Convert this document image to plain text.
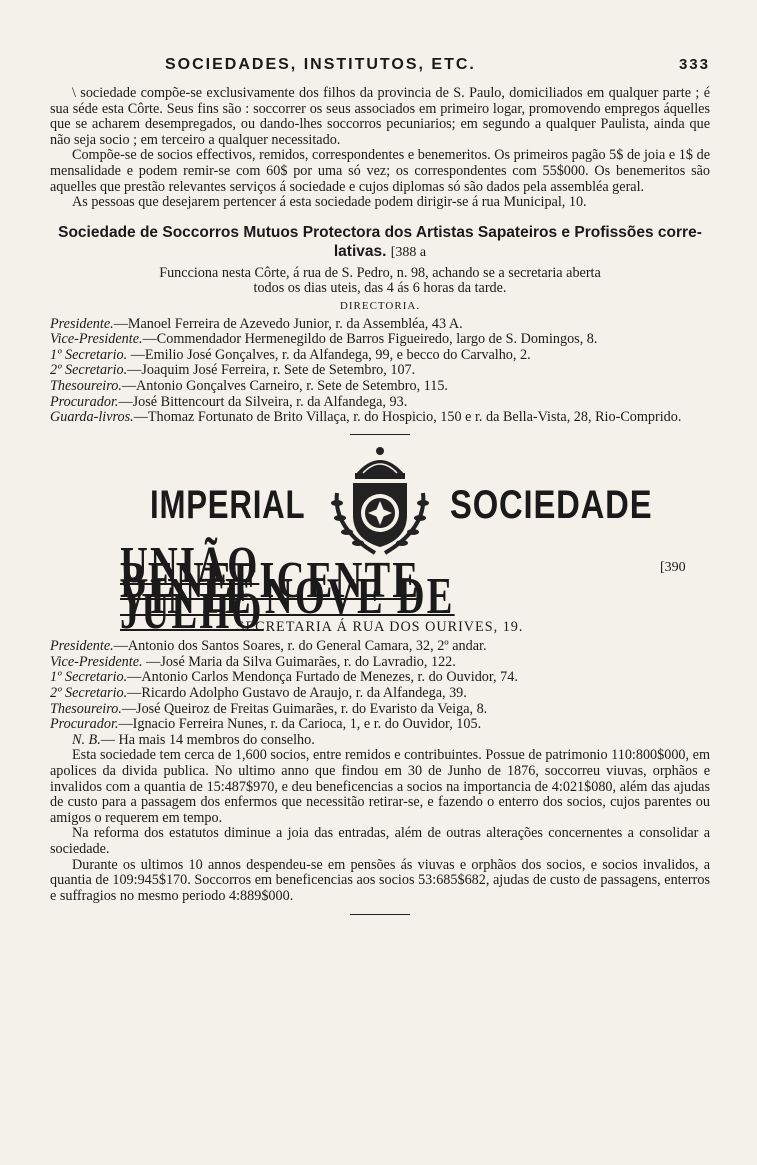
SOCIEDADES, INSTITUTOS, ETC.	333

\ sociedade compõe-se exclusivamente dos filhos da provincia de S. Paulo, domiciliados em qualquer parte ; é sua séde esta Côrte. Seus fins são : soccorrer os seus associados em primeiro logar, promovendo empregos áquelles que se acharem desempregados, ou dando-lhes soccorros pecuniarios; em segundo a qualquer Paulista, ainda que não seja socio ; em terceiro a qualquer necessitado.

Compõe-se de socios effectivos, remidos, correspondentes e benemeritos. Os primeiros pagão 5$ de joia e 1$ de mensalidade e podem remir-se com 60$ por uma só vez; os correspondentes com 55$000. Os benemeritos são aquelles que prestão relevantes serviços á sociedade e cujos diplomas só são dados pela assembléa geral.

As pessoas que desejarem pertencer á esta sociedade podem dirigir-se á rua Municipal, 10.

Sociedade de Soccorros Mutuos Protectora dos Artistas Sapateiros e Profissões corre-
lativas. [388 a
Funcciona nesta Côrte, á rua de S. Pedro, n. 98, achando se a secretaria aberta
todos os dias uteis, das 4 ás 6 horas da tarde.
DIRECTORIA.

Presidente.—Manoel Ferreira de Azevedo Junior, r. da Assembléa, 43 A.

Vice-Presidente.—Commendador Hermenegildo de Barros Figueiredo, largo de S. Domingos, 8.

1º Secretario. —Emilio José Gonçalves, r. da Alfandega, 99, e becco do Carvalho, 2.

2º Secretario.—Joaquim José Ferreira, r. Sete de Setembro, 107.

Thesoureiro.—Antonio Gonçalves Carneiro, r. Sete de Setembro, 115.

Procurador.—José Bittencourt da Silveira, r. da Alfandega, 93.

Guarda-livros.—Thomaz Fortunato de Brito Villaça, r. do Hospicio, 150 e r. da Bella-Vista, 28, Rio-Comprido.

IMPERIAL	SOCIEDADE
UNIÃO BENEFICENTE VINTE NOVE DE JULHO
[390
SECRETARIA Á RUA DOS OURIVES, 19.

Presidente.—Antonio dos Santos Soares, r. do General Camara, 32, 2º andar.

Vice-Presidente. —José Maria da Silva Guimarães, r. do Lavradio, 122.

1º Secretario.—Antonio Carlos Mendonça Furtado de Menezes, r. do Ouvidor, 74.

2º Secretario.—Ricardo Adolpho Gustavo de Araujo, r. da Alfandega, 39.

Thesoureiro.—José Queiroz de Freitas Guimarães, r. do Evaristo da Veiga, 8.

Procurador.—Ignacio Ferreira Nunes, r. da Carioca, 1, e r. do Ouvidor, 105.

N. B.— Ha mais 14 membros do conselho.

Esta sociedade tem cerca de 1,600 socios, entre remidos e contribuintes. Possue de patrimonio 110:800$000, em apolices da divida publica. No ultimo anno que findou em 30 de Junho de 1876, soccorreu viuvas, orphãos e invalidos com a quantia de 15:487$970, e deu beneficencias a socios na importancia de 4:021$080, além das ajudas de custo para a passagem dos enfermos que necessitão retirar-se, e fazendo o enterro dos socios, cujos parentes ou amigos o requerem em tempo.

Na reforma dos estatutos diminue a joia das entradas, além de outras alterações concernentes a consolidar a sociedade.

Durante os ultimos 10 annos despendeu-se em pensões ás viuvas e orphãos dos socios, e socios invalidos, a quantia de 109:945$170. Soccorros em beneficencias aos socios 53:685$682, ajudas de custo de passagens, enterros e suffragios no mesmo periodo 4:889$000.
